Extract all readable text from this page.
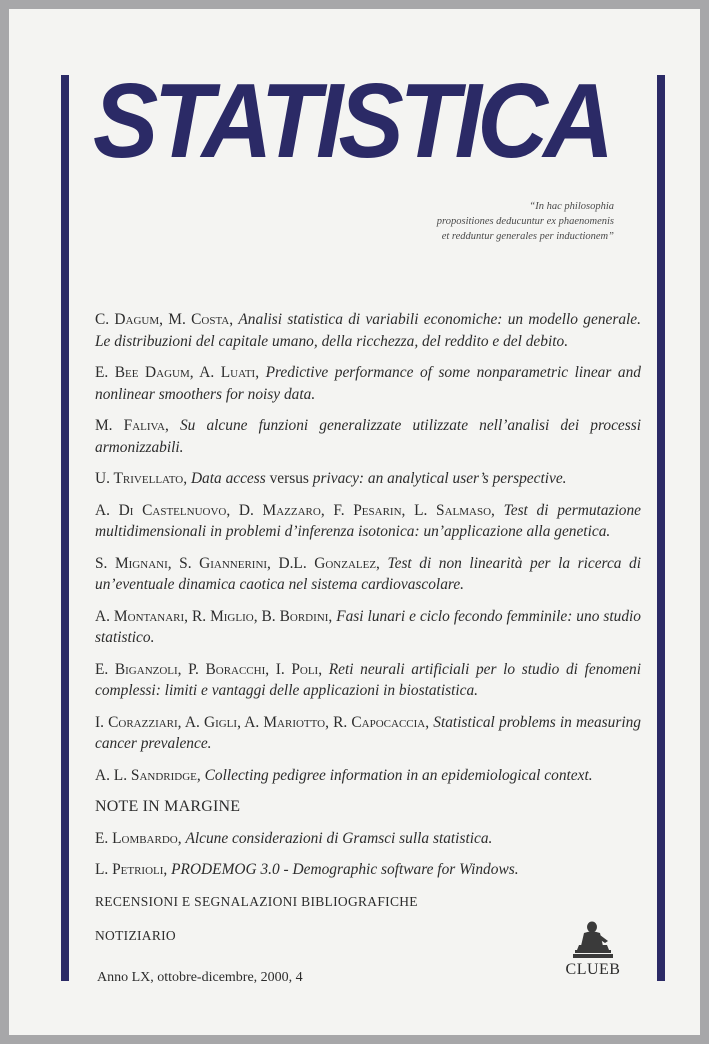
STATISTICA
“In hac philosophia
propositiones deducuntur ex phaenomenis
et redduntur generales per inductionem”

C. Dagum, M. Costa, Analisi statistica di variabili economiche: un modello generale. Le distribuzioni del capitale umano, della ricchezza, del reddito e del debito.

E. Bee Dagum, A. Luati, Predictive performance of some nonparametric linear and nonlinear smoothers for noisy data.

M. Faliva, Su alcune funzioni generalizzate utilizzate nell’analisi dei processi armonizzabili.

U. Trivellato, Data access versus privacy: an analytical user’s perspective.

A. Di Castelnuovo, D. Mazzaro, F. Pesarin, L. Salmaso, Test di permutazione multidimensionali in problemi d’inferenza isotonica: un’applicazione alla genetica.

S. Mignani, S. Giannerini, D.L. Gonzalez, Test di non linearità per la ricerca di un’eventuale dinamica caotica nel sistema cardiovascolare.

A. Montanari, R. Miglio, B. Bordini, Fasi lunari e ciclo fecondo femminile: uno studio statistico.

E. Biganzoli, P. Boracchi, I. Poli, Reti neurali artificiali per lo studio di fenomeni complessi: limiti e vantaggi delle applicazioni in biostatistica.

I. Corazziari, A. Gigli, A. Mariotto, R. Capocaccia, Statistical problems in measuring cancer prevalence.

A. L. Sandridge, Collecting pedigree information in an epidemiological context.

NOTE IN MARGINE

E. Lombardo, Alcune considerazioni di Gramsci sulla statistica.

L. Petrioli, PRODEMOG 3.0 - Demographic software for Windows.

RECENSIONI E SEGNALAZIONI BIBLIOGRAFICHE

NOTIZIARIO

Anno LX, ottobre-dicembre, 2000, 4	CLUEB
